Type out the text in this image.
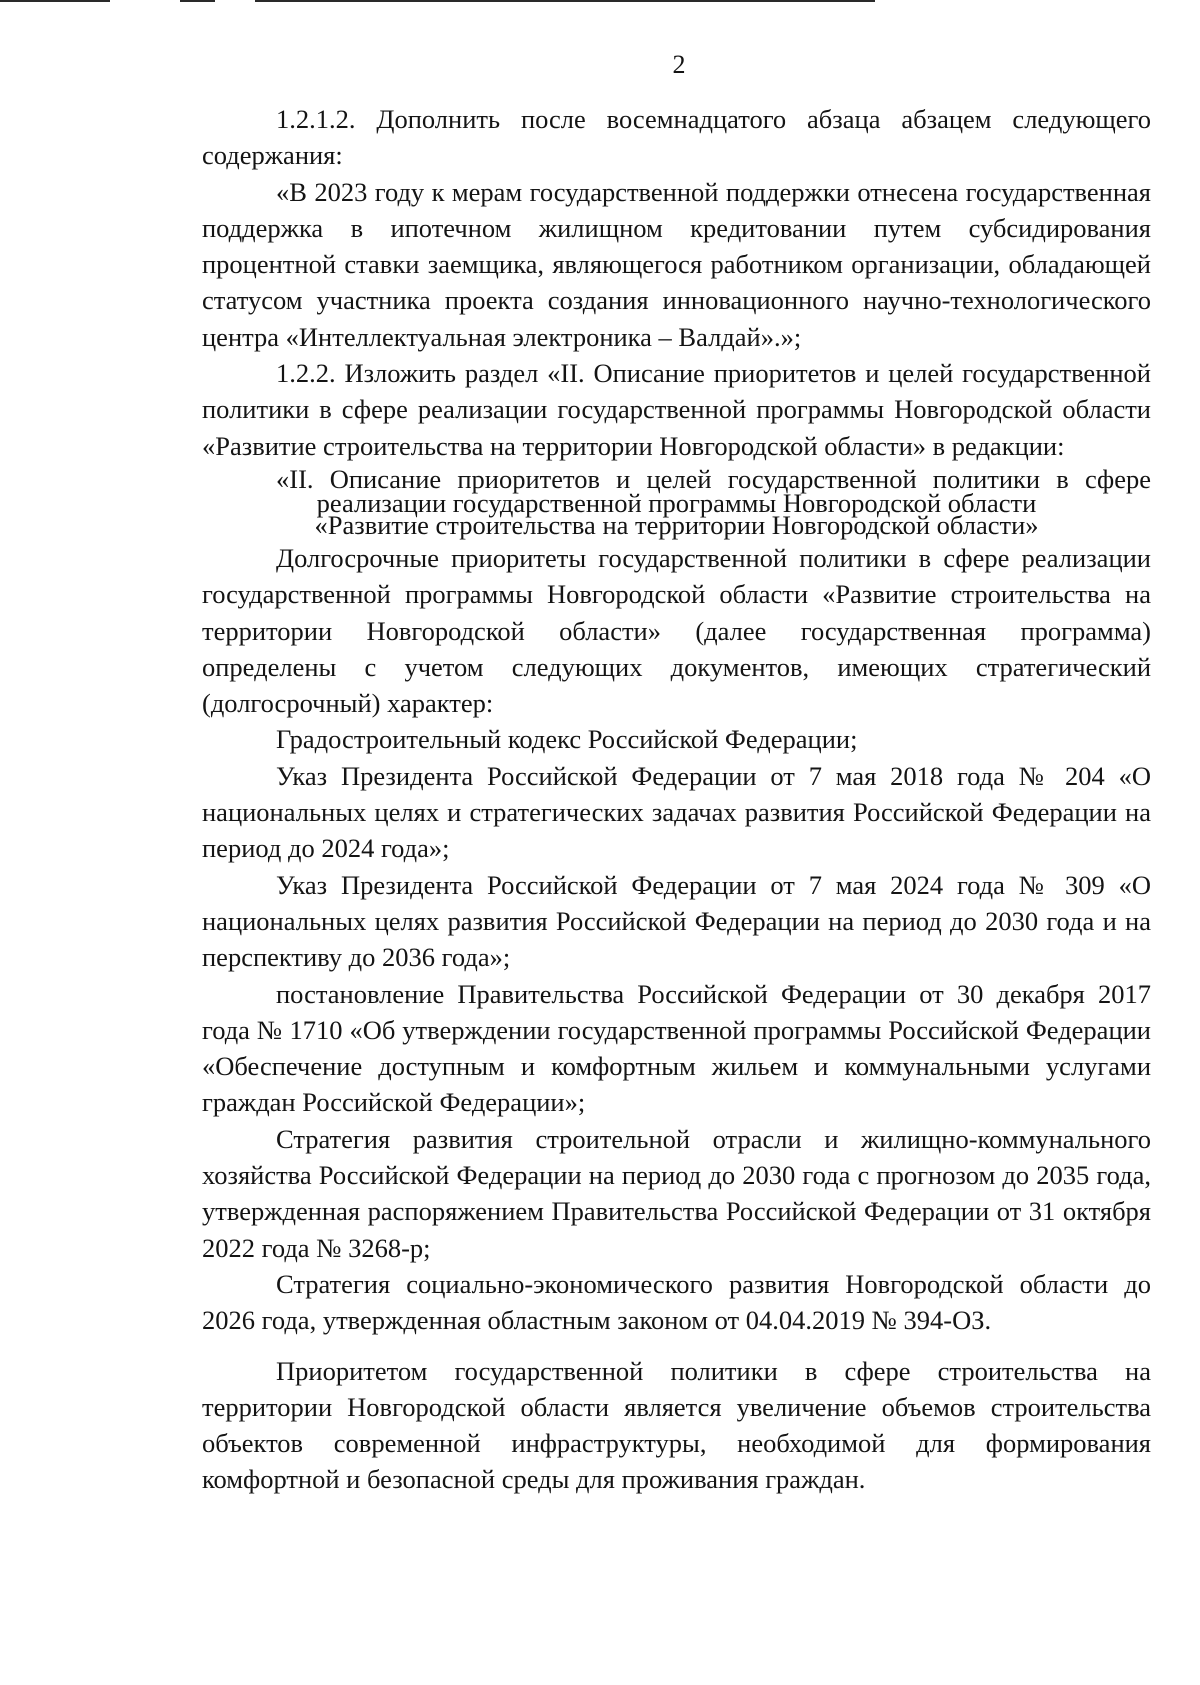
2

1.2.1.2. Дополнить после восемнадцатого абзаца абзацем следующего содержания:

«В 2023 году к мерам государственной поддержки отнесена государственная поддержка в ипотечном жилищном кредитовании путем субсидирования процентной ставки заемщика, являющегося работником организации, обладающей статусом участника проекта создания инновационного научно-технологического центра «Интеллектуальная электроника – Валдай».»;

1.2.2. Изложить раздел «II. Описание приоритетов и целей государственной политики в сфере реализации государственной программы Новгородской области «Развитие строительства на территории Новгородской области» в редакции:

«II. Описание приоритетов и целей государственной политики в сфере
реализации государственной программы Новгородской области
«Развитие строительства на территории Новгородской области»

Долгосрочные приоритеты государственной политики в сфере реализации государственной программы Новгородской области «Развитие строительства на территории Новгородской области» (далее государственная программа) определены с учетом следующих документов, имеющих стратегический (долгосрочный) характер:

Градостроительный кодекс Российской Федерации;

Указ Президента Российской Федерации от 7 мая 2018 года № 204 «О национальных целях и стратегических задачах развития Российской Федерации на период до 2024 года»;

Указ Президента Российской Федерации от 7 мая 2024 года № 309 «О национальных целях развития Российской Федерации на период до 2030 года и на перспективу до 2036 года»;

постановление Правительства Российской Федерации от 30 декабря 2017 года № 1710 «Об утверждении государственной программы Российской Федерации «Обеспечение доступным и комфортным жильем и коммунальными услугами граждан Российской Федерации»;

Стратегия развития строительной отрасли и жилищно-коммунального хозяйства Российской Федерации на период до 2030 года с прогнозом до 2035 года, утвержденная распоряжением Правительства Российской Федерации от 31 октября 2022 года № 3268-р;

Стратегия социально-экономического развития Новгородской области до 2026 года, утвержденная областным законом от 04.04.2019 № 394-ОЗ.

Приоритетом государственной политики в сфере строительства на территории Новгородской области является увеличение объемов строительства объектов современной инфраструктуры, необходимой для формирования комфортной и безопасной среды для проживания граждан.
